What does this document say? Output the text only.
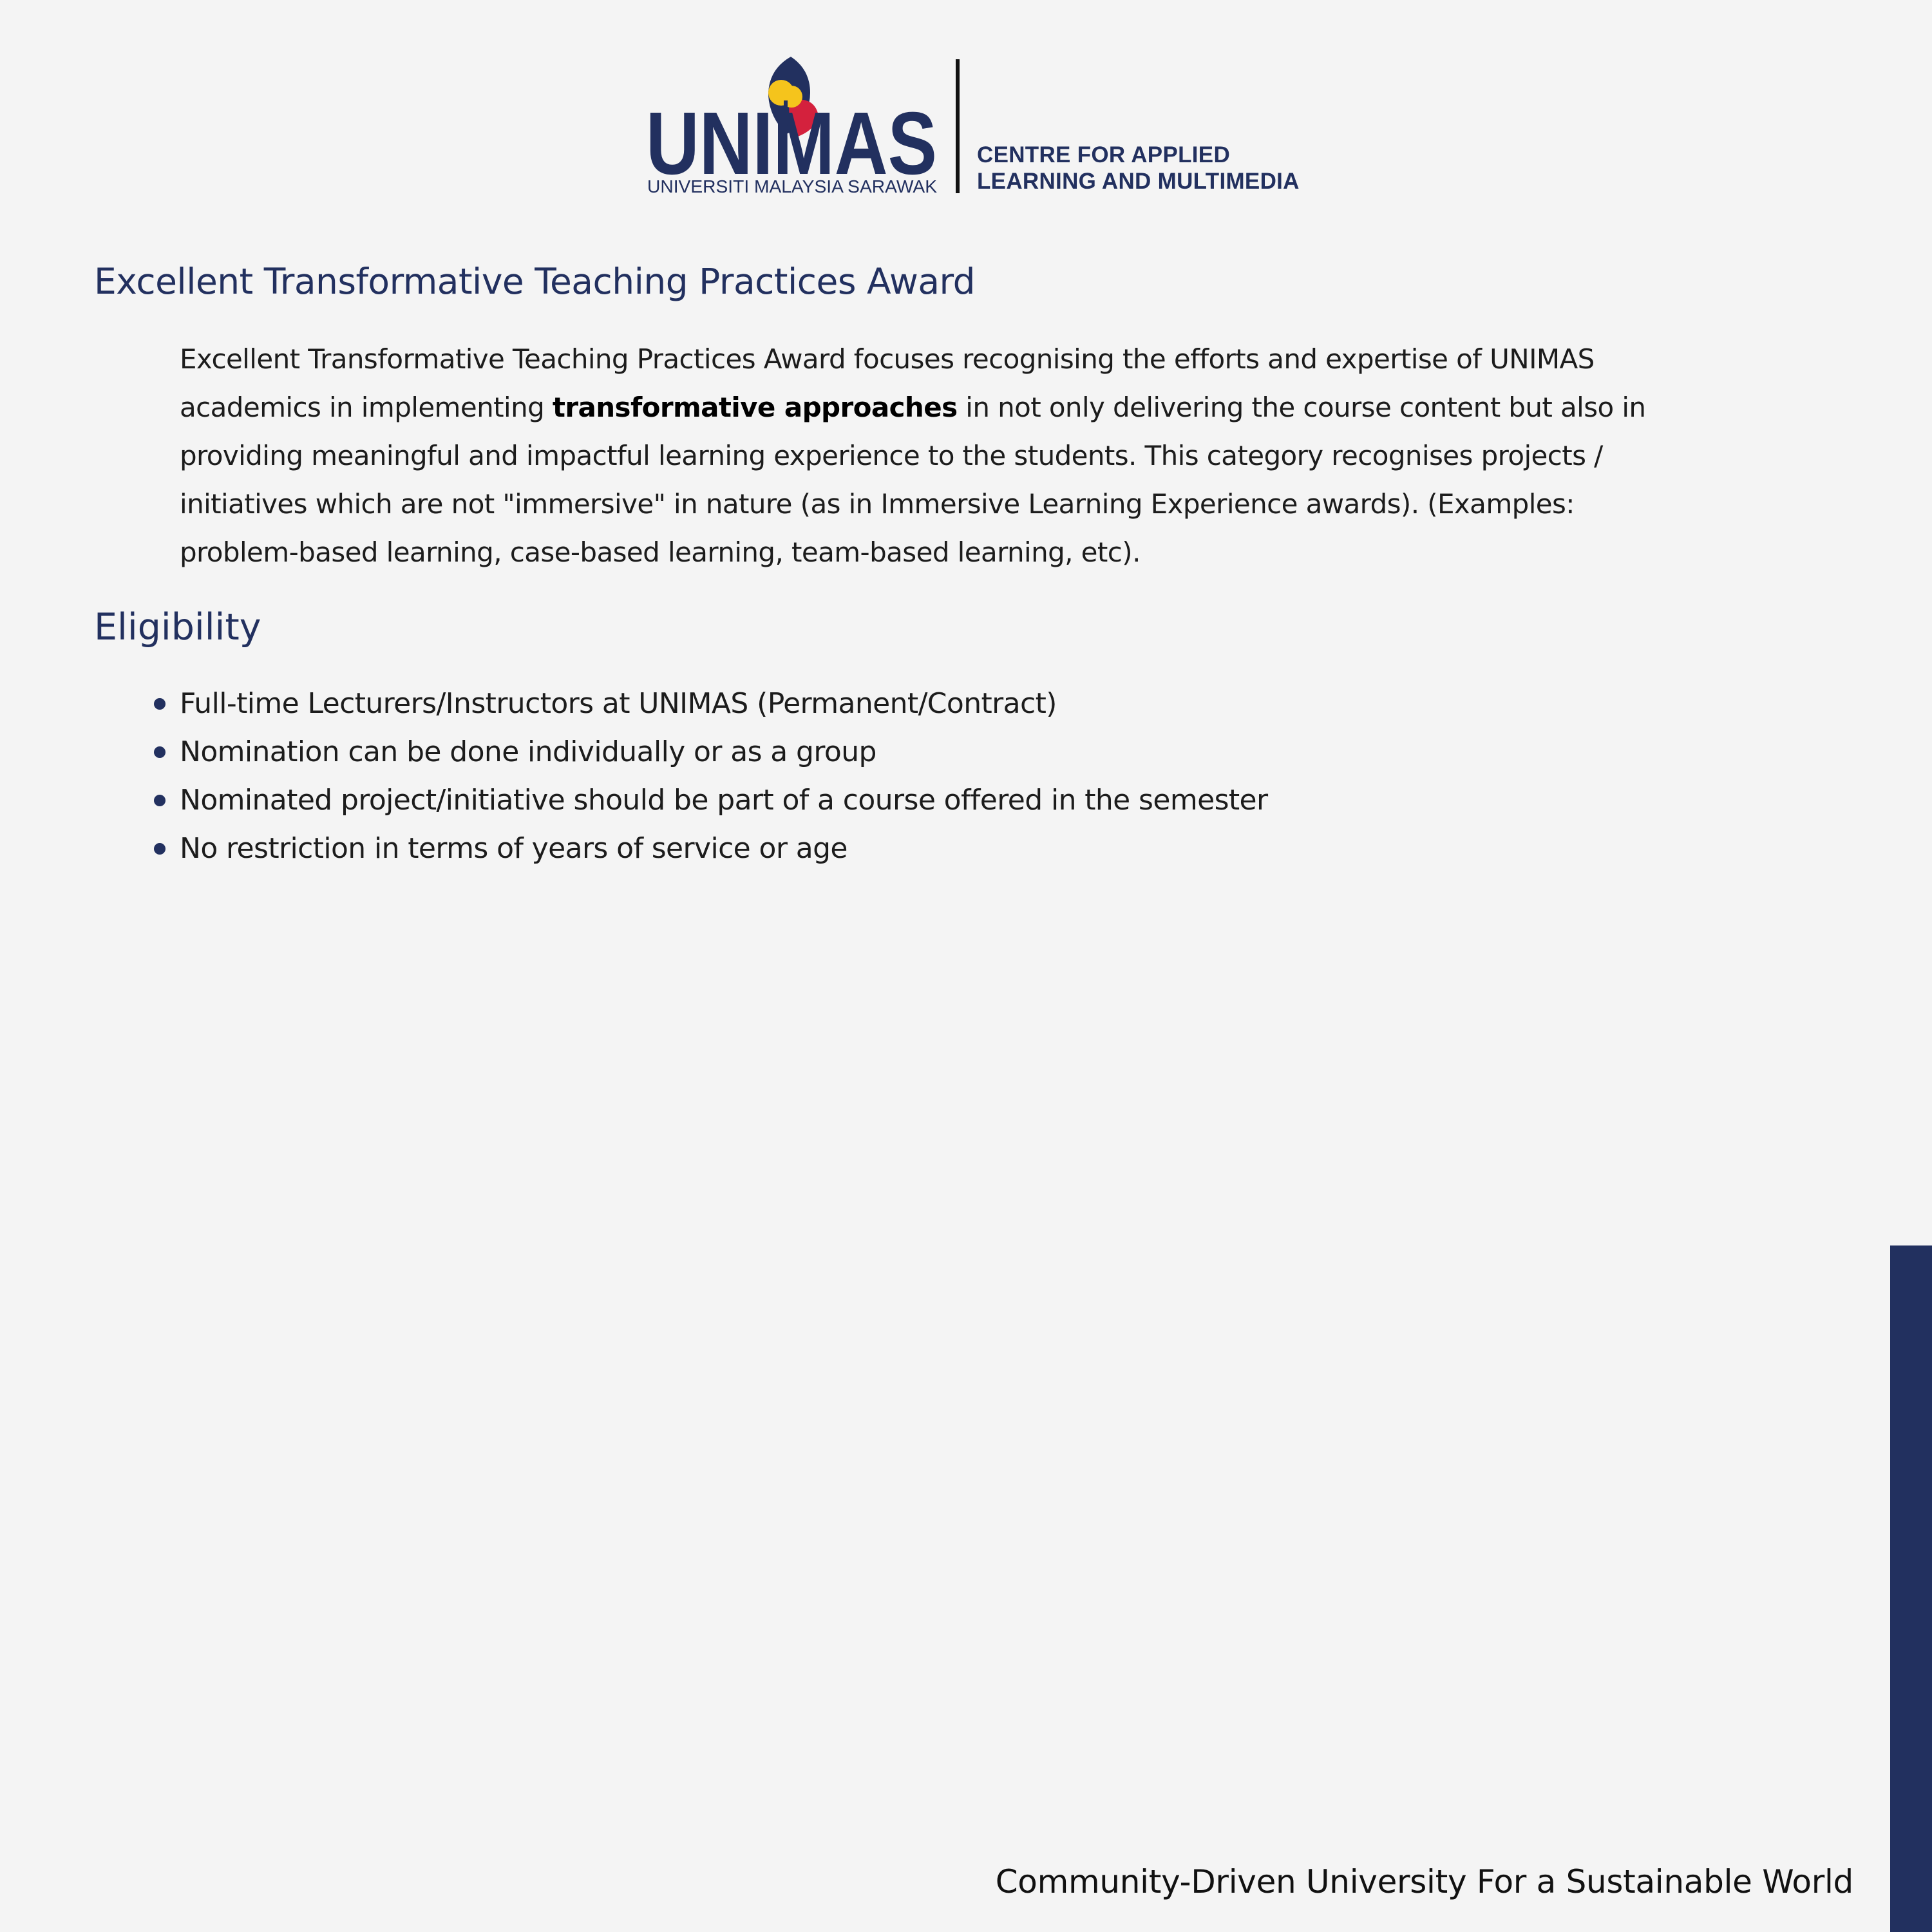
UNIMAS
UNIVERSITI MALAYSIA SARAWAK
CENTRE FOR APPLIED
LEARNING AND MULTIMEDIA
Excellent Transformative Teaching Practices Award

Excellent Transformative Teaching Practices Award focuses recognising the efforts and expertise of UNIMAS
academics in implementing transformative approaches in not only delivering the course content but also in
providing meaningful and impactful learning experience to the students. This category recognises projects /
initiatives which are not "immersive" in nature (as in Immersive Learning Experience awards). (Examples:
problem-based learning, case-based learning, team-based learning, etc).

Eligibility
Full-time Lecturers/Instructors at UNIMAS (Permanent/Contract)
Nomination can be done individually or as a group
Nominated project/initiative should be part of a course offered in the semester
No restriction in terms of years of service or age
Community-Driven University For a Sustainable World
